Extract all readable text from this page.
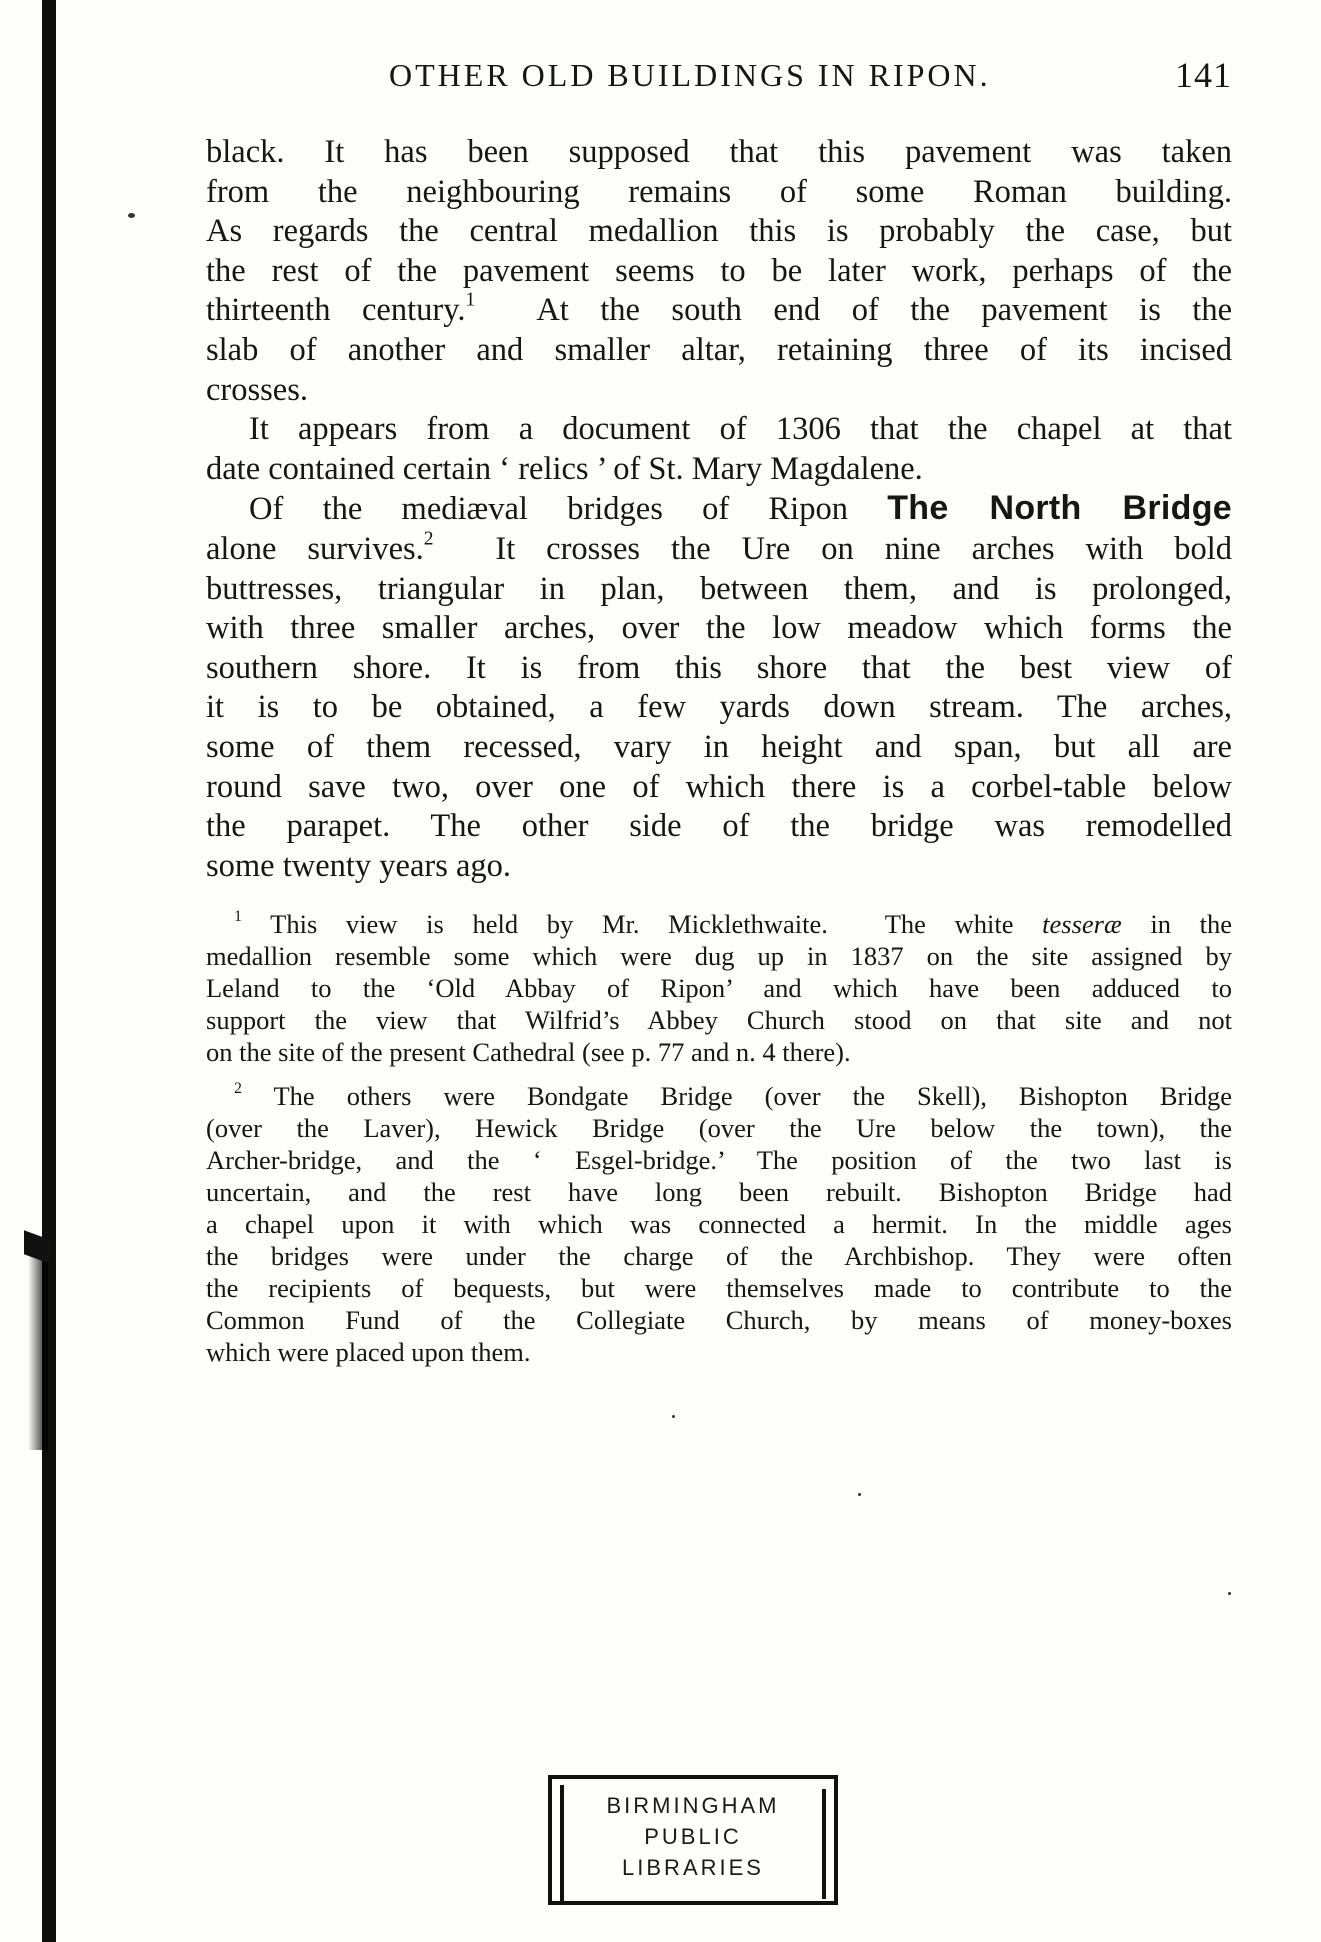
OTHER OLD BUILDINGS IN RIPON.	141

black. It has been supposed that this pavement was taken
from the neighbouring remains of some Roman building.
As regards the central medallion this is probably the case, but
the rest of the pavement seems to be later work, perhaps of the
thirteenth century.$^1$  At the south end of the pavement is the
slab of another and smaller altar, retaining three of its incised
crosses.

It appears from a document of 1306 that the chapel at that
date contained certain ‘ relics ’ of St. Mary Magdalene.

Of the mediæval bridges of Ripon The North Bridge
alone survives.$^2$  It crosses the Ure on nine arches with bold
buttresses, triangular in plan, between them, and is prolonged,
with three smaller arches, over the low meadow which forms the
southern shore. It is from this shore that the best view of
it is to be obtained, a few yards down stream. The arches,
some of them recessed, vary in height and span, but all are
round save two, over one of which there is a corbel-table below
the parapet. The other side of the bridge was remodelled
some twenty years ago.

$^1$ This view is held by Mr. Micklethwaite.  The white tesseræ in the
medallion resemble some which were dug up in 1837 on the site assigned by
Leland to the ‘Old Abbay of Ripon’ and which have been adduced to
support the view that Wilfrid’s Abbey Church stood on that site and not
on the site of the present Cathedral (see p. 77 and n. 4 there).
$^2$ The others were Bondgate Bridge (over the Skell), Bishopton Bridge
(over the Laver), Hewick Bridge (over the Ure below the town), the
Archer-bridge, and the ‘ Esgel-bridge.’ The position of the two last is
uncertain, and the rest have long been rebuilt. Bishopton Bridge had
a chapel upon it with which was connected a hermit. In the middle ages
the bridges were under the charge of the Archbishop. They were often
the recipients of bequests, but were themselves made to contribute to the
Common Fund of the Collegiate Church, by means of money-boxes
which were placed upon them.
BIRMINGHAM
PUBLIC
LIBRARIES
